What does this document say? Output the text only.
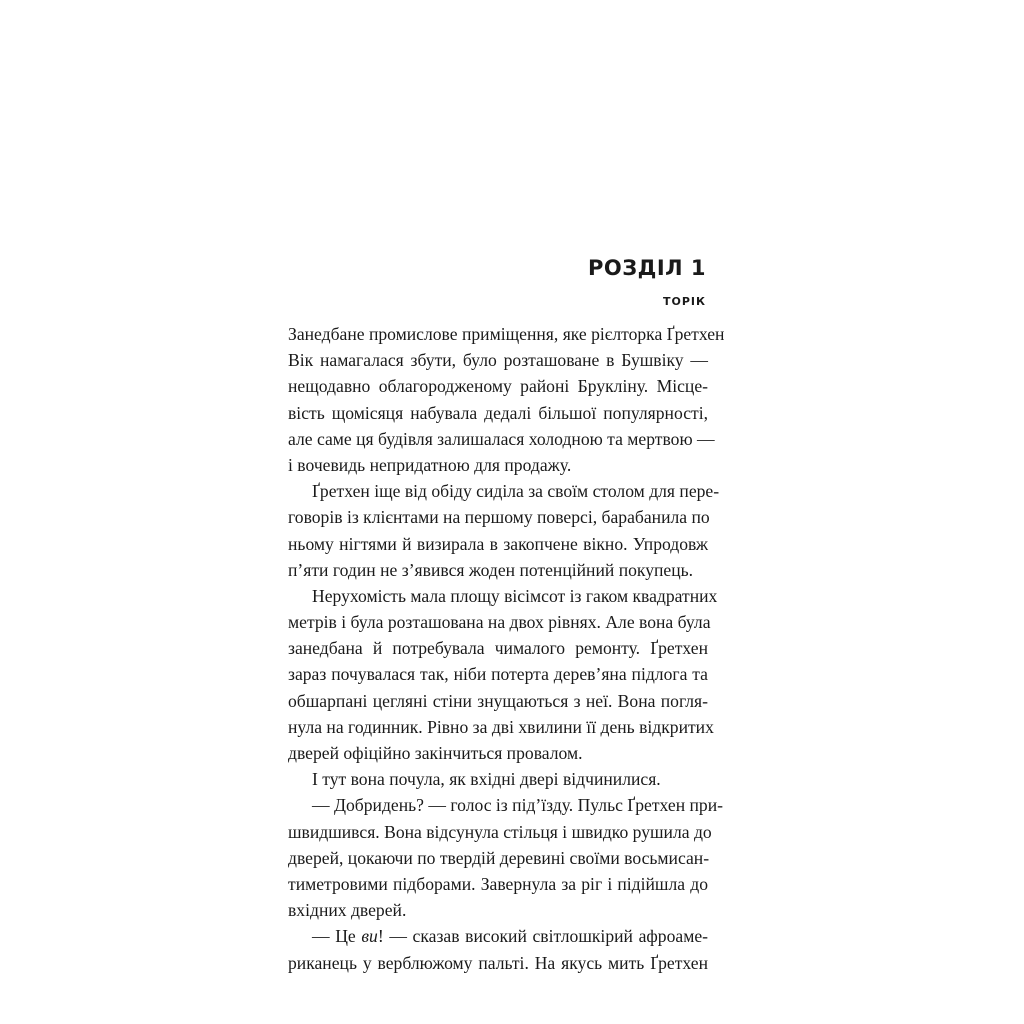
РОЗДІЛ 1
ТОРІК
Занедбане промислове приміщення, яке рієлторка Ґретхен
Вік намагалася збути, було розташоване в Бушвіку —
нещодавно облагородженому районі Брукліну. Місце-
вість щомісяця набувала дедалі більшої популярності,
але саме ця будівля залишалася холодною та мертвою —
і вочевидь непридатною для продажу.
Ґретхен іще від обіду сиділа за своїм столом для пере-
говорів із клієнтами на першому поверсі, барабанила по
ньому нігтями й визирала в закопчене вікно. Упродовж
п’яти годин не з’явився жоден потенційний покупець.
Нерухомість мала площу вісімсот із гаком квадратних
метрів і була розташована на двох рівнях. Але вона була
занедбана й потребувала чималого ремонту. Ґретхен
зараз почувалася так, ніби потерта дерев’яна підлога та
обшарпані цегляні стіни знущаються з неї. Вона погля-
нула на годинник. Рівно за дві хвилини її день відкритих
дверей офіційно закінчиться провалом.
І тут вона почула, як вхідні двері відчинилися.
— Добридень? — голос із під’їзду. Пульс Ґретхен при-
швидшився. Вона відсунула стільця і швидко рушила до
дверей, цокаючи по твердій деревині своїми восьмисан-
тиметровими підборами. Завернула за ріг і підійшла до
вхідних дверей.
— Це ви! — сказав високий світлошкірий афроаме-
риканець у верблюжому пальті. На якусь мить Ґретхен
